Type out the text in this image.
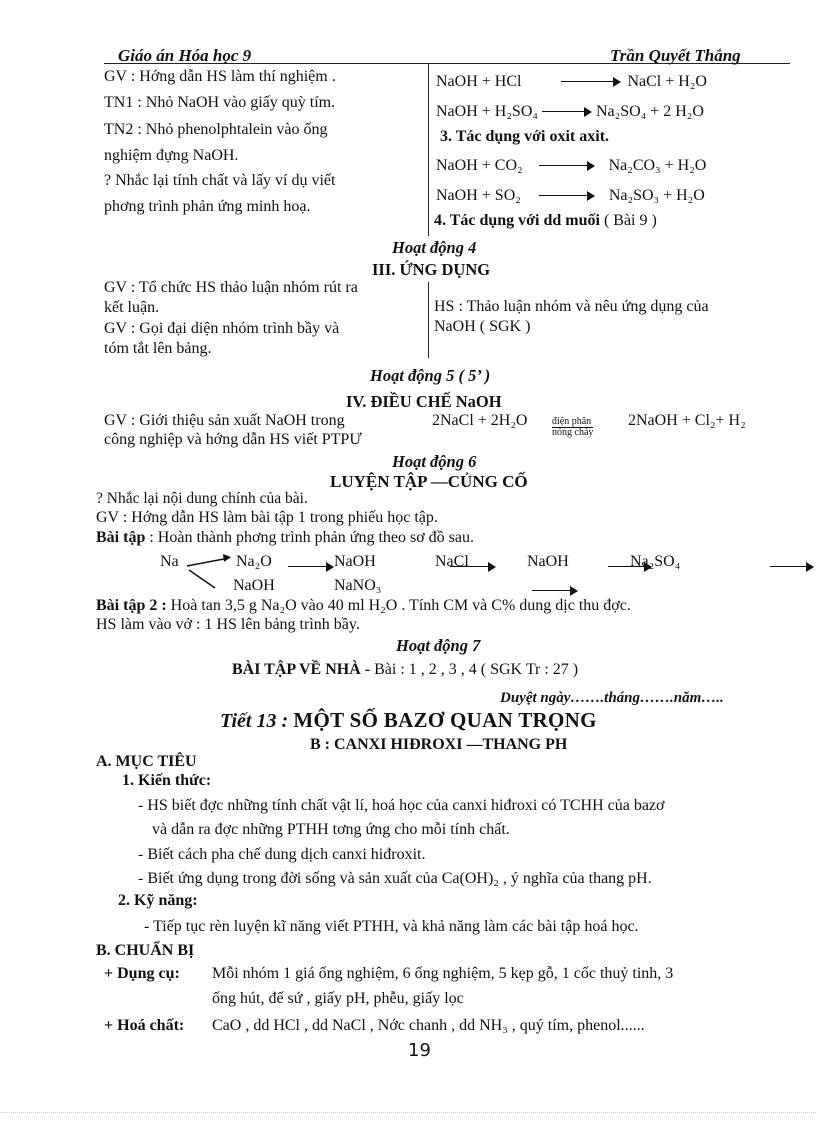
Giáo án Hóa học 9	Trần Quyết Thắng
GV : Hớng dẫn HS làm thí nghiệm .
TN1 : Nhỏ NaOH vào giấy quỳ tím.
TN2 : Nhỏ phenolphtalein vào ống
nghiệm đựng NaOH.
? Nhắc lại tính chất và lấy ví dụ viết
phơng trình phản ứng minh hoạ.
NaOH + HCl	NaCl + H₂O
NaOH + H₂SO₄	Na₂SO₄ + 2 H₂O
3. Tác dụng với oxit axit.
NaOH + CO₂	Na₂CO₃ + H₂O
NaOH + SO₂	Na₂SO₃ + H₂O
4. Tác dụng với dd muối ( Bài 9 )
Hoạt động 4
III. ỨNG DỤNG
GV : Tổ chức HS thảo luận nhóm rút ra
kết luận.
GV : Gọi đại diện nhóm trình bầy và
tóm tắt lên bảng.
HS : Thảo luận nhóm và nêu ứng dụng của
NaOH ( SGK )
Hoạt động 5 ( 5’ )
IV. ĐIỀU CHẾ NaOH
GV : Giới thiệu sản xuất NaOH trong
công nghiệp và hớng dẫn HS viết PTPƯ
2NaCl + 2H₂O điện phân
nóng chảy
2NaOH + Cl₂+ H₂
Hoạt động 6
LUYỆN TẬP —CỦNG CỐ
? Nhắc lại nội dung chính của bài.
GV : Hớng dẫn HS làm bài tập 1 trong phiếu học tập.
Bài tập : Hoàn thành phơng trình phản ứng theo sơ đồ sau.
Na	Na₂O
	NaOH
	NaCl
	NaOH
	Na₂SO₄
NaOH	NaNO₃
Bài tập 2 : Hoà tan 3,5 g Na₂O vào 40 ml H₂O . Tính CM và C% dung dịc thu đợc.
HS làm vào vở : 1 HS lên bảng trình bầy.
Hoạt động 7
BÀI TẬP VỀ NHÀ - Bài : 1 , 2 , 3 , 4 ( SGK Tr : 27 )
Duyệt ngày…….tháng…….năm…..
Tiết 13 : MỘT SỐ BAZƠ QUAN TRỌNG
B : CANXI HIĐROXI —THANG PH
A. MỤC TIÊU
1. Kiến thức:
- HS biết đợc những tính chất vật lí, hoá học của canxi hiđroxi có TCHH của bazơ
và dẫn ra đợc những PTHH tơng ứng cho mỗi tính chất.
- Biết cách pha chế dung dịch canxi hiđroxit.
- Biết ứng dụng trong đời sống và sản xuất của Ca(OH)₂ , ý nghĩa của thang pH.
2. Kỹ năng:
- Tiếp tục rèn luyện kĩ năng viết PTHH, và khả năng làm các bài tập hoá học.
B. CHUẨN BỊ
+ Dụng cụ: Mỗi nhóm 1 giá ống nghiệm, 6 ống nghiệm, 5 kẹp gỗ, 1 cốc thuỷ tinh, 3
ống hút, đế sứ , giấy pH, phễu, giấy lọc
+ Hoá chất: CaO , dd HCl , dd NaCl , Nớc chanh , dd NH₃ , quý tím, phenol......
19
